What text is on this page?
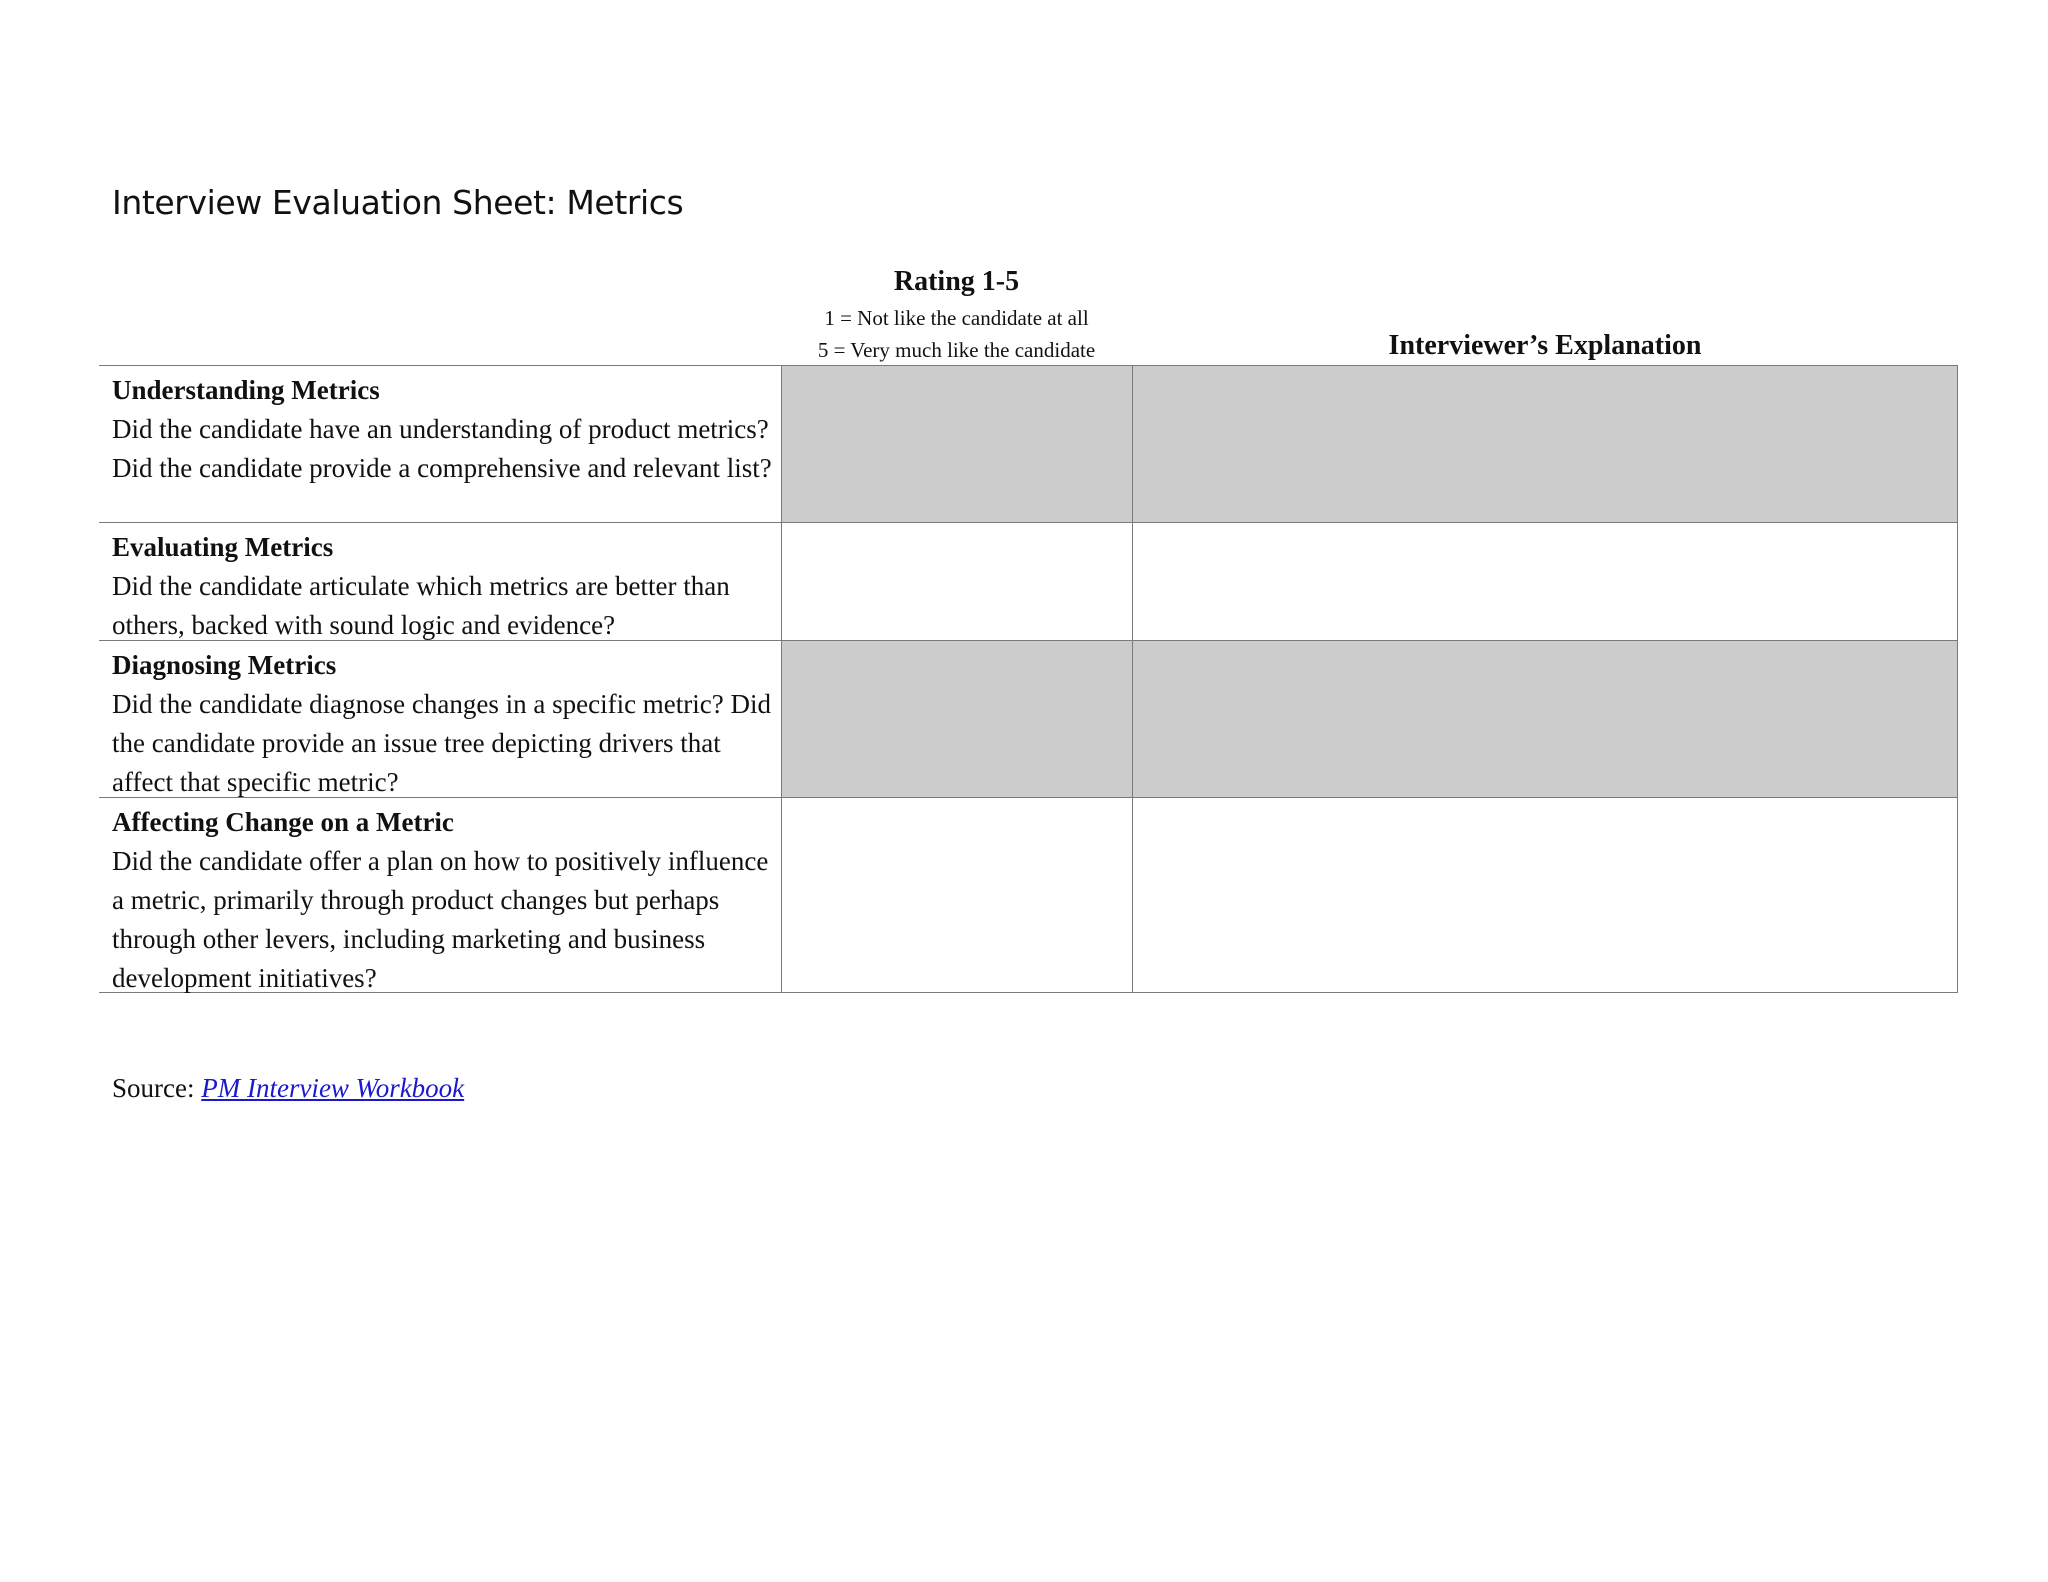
Interview Evaluation Sheet: Metrics
Rating 1-5
1 = Not like the candidate at all
5 = Very much like the candidate	Interviewer’s Explanation
Understanding Metrics
Did the candidate have an understanding of product metrics? Did the candidate provide a comprehensive and relevant list?
Evaluating Metrics
Did the candidate articulate which metrics are better than others, backed with sound logic and evidence?
Diagnosing Metrics
Did the candidate diagnose changes in a specific metric? Did the candidate provide an issue tree depicting drivers that affect that specific metric?
Affecting Change on a Metric
Did the candidate offer a plan on how to positively influence a metric, primarily through product changes but perhaps through other levers, including marketing and business development initiatives?
Source: PM Interview Workbook
